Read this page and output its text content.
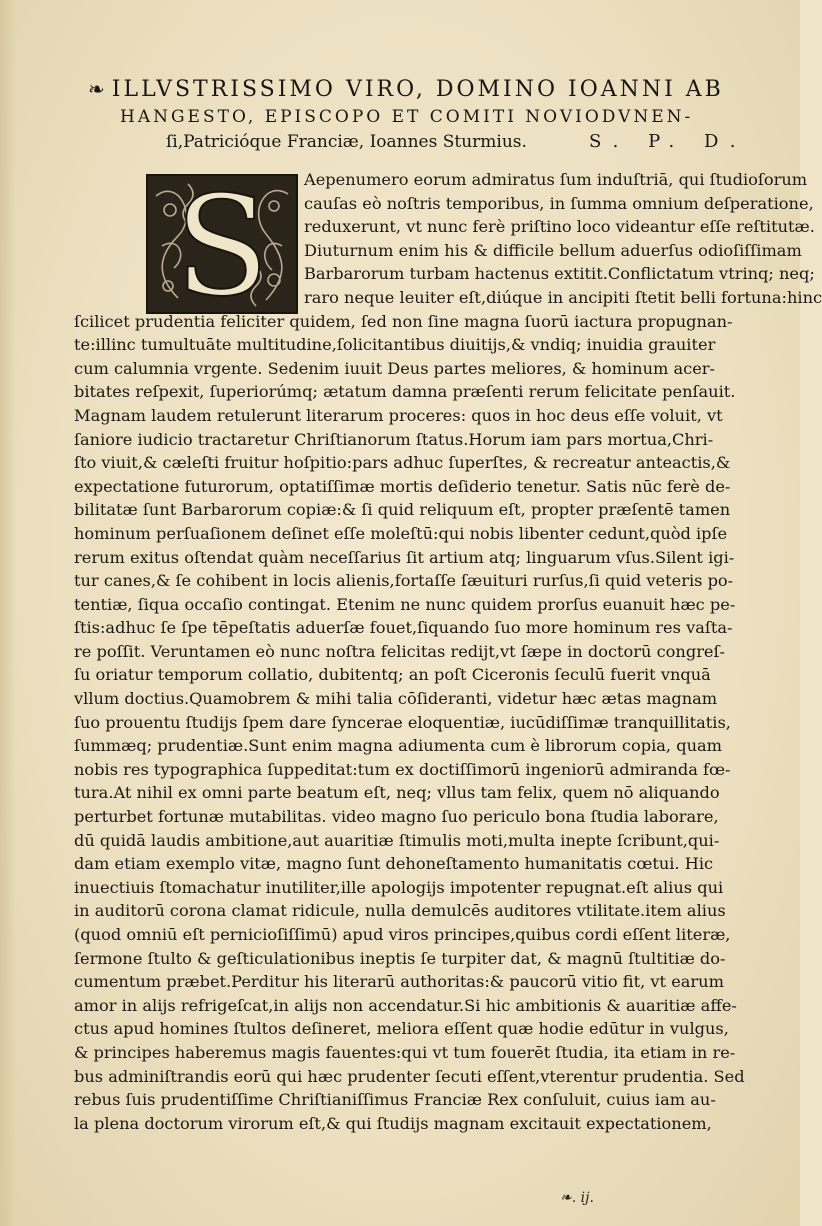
❧ ILLVSTRISSIMO VIRO, DOMINO IOANNI AB
HANGESTO, EPISCOPO ET COMITI NOVIODVNEN-
ſi,Patricióque Franciæ, Ioannes Sturmius.	S. P. D.
S	Aepenumero eorum admiratus ſum induſtriā, qui ſtudioſorum
cauſas eò noſtris temporibus, in ſumma omnium deſperatione,
reduxerunt, vt nunc ferè priſtino loco videantur eſſe reſtitutæ.
Diuturnum enim his & difficile bellum aduerſus odioſiſſimam
Barbarorum turbam hactenus extitit.Conflictatum vtrinq; neq;
raro neque leuiter eſt,diúque in ancipiti ſtetit belli fortuna:hinc
ſcilicet prudentia feliciter quidem, ſed non ſine magna ſuorū iactura propugnan-
te:illinc tumultuāte multitudine,ſolicitantibus diuitijs,& vndiq; inuidia grauiter
cum calumnia vrgente. Sedenim iuuit Deus partes meliores, & hominum acer-
bitates reſpexit, ſuperiorúmq; ætatum damna præſenti rerum felicitate penſauit.
Magnam laudem retulerunt literarum proceres: quos in hoc deus eſſe voluit, vt
ſaniore iudicio tractaretur Chriſtianorum ſtatus.Horum iam pars mortua,Chri-
ſto viuit,& cæleſti fruitur hoſpitio:pars adhuc ſuperſtes, & recreatur anteactis,&
expectatione futurorum, optatiſſimæ mortis deſiderio tenetur. Satis nūc ferè de-
bilitatæ ſunt Barbarorum copiæ:& ſi quid reliquum eſt, propter præſentē tamen
hominum perſuaſionem deſinet eſſe moleſtū:qui nobis libenter cedunt,quòd ipſe
rerum exitus oſtendat quàm neceſſarius ſit artium atq; linguarum vſus.Silent igi-
tur canes,& ſe cohibent in locis alienis,fortaſſe ſæuituri rurſus,ſi quid veteris po-
tentiæ, ſiqua occaſio contingat. Etenim ne nunc quidem prorſus euanuit hæc pe-
ſtis:adhuc ſe ſpe tēpeſtatis aduerſæ fouet,ſiquando ſuo more hominum res vaſta-
re poſſit. Veruntamen eò nunc noſtra felicitas redijt,vt ſæpe in doctorū congreſ-
ſu oriatur temporum collatio, dubitentq; an poſt Ciceronis ſeculū fuerit vnquā
vllum doctius.Quamobrem & mihi talia cōſideranti, videtur hæc ætas magnam
ſuo prouentu ſtudijs ſpem dare ſyncerae eloquentiæ, iucūdiſſimæ tranquillitatis,
ſummæq; prudentiæ.Sunt enim magna adiumenta cum è librorum copia, quam
nobis res typographica ſuppeditat:tum ex doctiſſimorū ingeniorū admiranda fœ-
tura.At nihil ex omni parte beatum eſt, neq; vllus tam felix, quem nō aliquando
perturbet fortunæ mutabilitas. video magno ſuo periculo bona ſtudia laborare,
dū quidā laudis ambitione,aut auaritiæ ſtimulis moti,multa inepte ſcribunt,qui-
dam etiam exemplo vitæ, magno ſunt dehoneſtamento humanitatis cœtui. Hic
inuectiuis ſtomachatur inutiliter,ille apologijs impotenter repugnat.eſt alius qui
in auditorū corona clamat ridicule, nulla demulcēs auditores vtilitate.item alius
(quod omniū eſt pernicioſiſſimū) apud viros principes,quibus cordi eſſent literæ,
ſermone ſtulto & geſticulationibus ineptis ſe turpiter dat, & magnū ſtultitiæ do-
cumentum præbet.Perditur his literarū authoritas:& paucorū vitio fit, vt earum
amor in alijs refrigeſcat,in alijs non accendatur.Si hic ambitionis & auaritiæ affe-
ctus apud homines ſtultos deſineret, meliora eſſent quæ hodie edūtur in vulgus,
& principes haberemus magis fauentes:qui vt tum fouerēt ſtudia, ita etiam in re-
bus adminiſtrandis eorū qui hæc prudenter ſecuti eſſent,vterentur prudentia. Sed
rebus ſuis prudentiſſime Chriſtianiſſimus Franciæ Rex conſuluit, cuius iam au-
la plena doctorum virorum eſt,& qui ſtudijs magnam excitauit expectationem,
❧. ij.
